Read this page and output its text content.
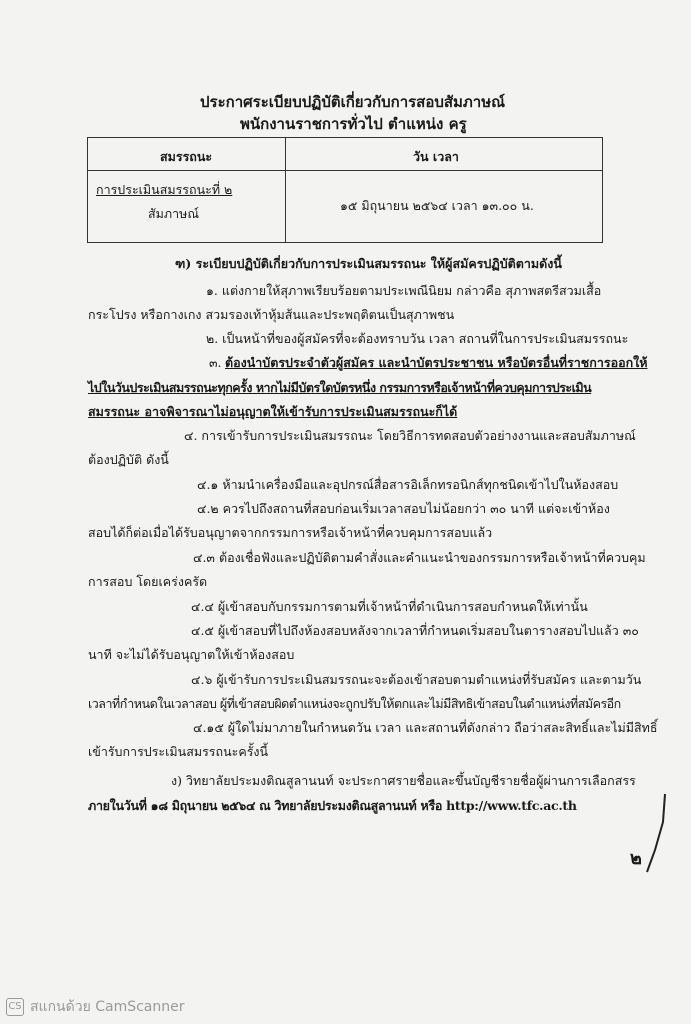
ประกาศระเบียบปฏิบัติเกี่ยวกับการสอบสัมภาษณ์
พนักงานราชการทั่วไป ตำแหน่ง ครู
สมรรถนะ	วัน เวลา
การประเมินสมรรถนะที่ ๒
สัมภาษณ์
๑๕ มิถุนายน ๒๕๖๔ เวลา ๑๓.๐๐ น.
ฑ) ระเบียบปฏิบัติเกี่ยวกับการประเมินสมรรถนะ ให้ผู้สมัครปฏิบัติตามดังนี้
๑. แต่งกายให้สุภาพเรียบร้อยตามประเพณีนิยม กล่าวคือ สุภาพสตรีสวมเสื้อ
กระโปรง หรือกางเกง สวมรองเท้าหุ้มส้นและประพฤติตนเป็นสุภาพชน
๒. เป็นหน้าที่ของผู้สมัครที่จะต้องทราบวัน เวลา สถานที่ในการประเมินสมรรถนะ
๓. ต้องนำบัตรประจำตัวผู้สมัคร และนำบัตรประชาชน หรือบัตรอื่นที่ราชการออกให้
ไปในวันประเมินสมรรถนะทุกครั้ง หากไม่มีบัตรใดบัตรหนึ่ง กรรมการหรือเจ้าหน้าที่ควบคุมการประเมิน
สมรรถนะ อาจพิจารณาไม่อนุญาตให้เข้ารับการประเมินสมรรถนะก็ได้
๔. การเข้ารับการประเมินสมรรถนะ โดยวิธีการทดสอบตัวอย่างงานและสอบสัมภาษณ์
ต้องปฏิบัติ ดังนี้
๔.๑ ห้ามนำเครื่องมือและอุปกรณ์สื่อสารอิเล็กทรอนิกส์ทุกชนิดเข้าไปในห้องสอบ
๔.๒ ควรไปถึงสถานที่สอบก่อนเริ่มเวลาสอบไม่น้อยกว่า ๓๐ นาที แต่จะเข้าห้อง
สอบได้ก็ต่อเมื่อได้รับอนุญาตจากกรรมการหรือเจ้าหน้าที่ควบคุมการสอบแล้ว
๔.๓ ต้องเชื่อฟังและปฏิบัติตามคำสั่งและคำแนะนำของกรรมการหรือเจ้าหน้าที่ควบคุม
การสอบ โดยเคร่งครัด
๔.๔ ผู้เข้าสอบกับกรรมการตามที่เจ้าหน้าที่ดำเนินการสอบกำหนดให้เท่านั้น
๔.๕ ผู้เข้าสอบที่ไปถึงห้องสอบหลังจากเวลาที่กำหนดเริ่มสอบในตารางสอบไปแล้ว ๓๐
นาที จะไม่ได้รับอนุญาตให้เข้าห้องสอบ
๔.๖ ผู้เข้ารับการประเมินสมรรถนะจะต้องเข้าสอบตามตำแหน่งที่รับสมัคร และตามวัน
เวลาที่กำหนดในเวลาสอบ ผู้ที่เข้าสอบผิดตำแหน่งจะถูกปรับให้ตกและไม่มีสิทธิเข้าสอบในตำแหน่งที่สมัครอีก
๔.๑๕ ผู้ใดไม่มาภายในกำหนดวัน เวลา และสถานที่ดังกล่าว ถือว่าสละสิทธิ์และไม่มีสิทธิ์
เข้ารับการประเมินสมรรถนะครั้งนี้
ง) วิทยาลัยประมงติณสูลานนท์ จะประกาศรายชื่อและขึ้นบัญชีรายชื่อผู้ผ่านการเลือกสรร
ภายในวันที่ ๑๘ มิถุนายน ๒๕๖๔ ณ วิทยาลัยประมงติณสูลานนท์ หรือ http://www.tfc.ac.th
๒
CS สแกนด้วย CamScanner
